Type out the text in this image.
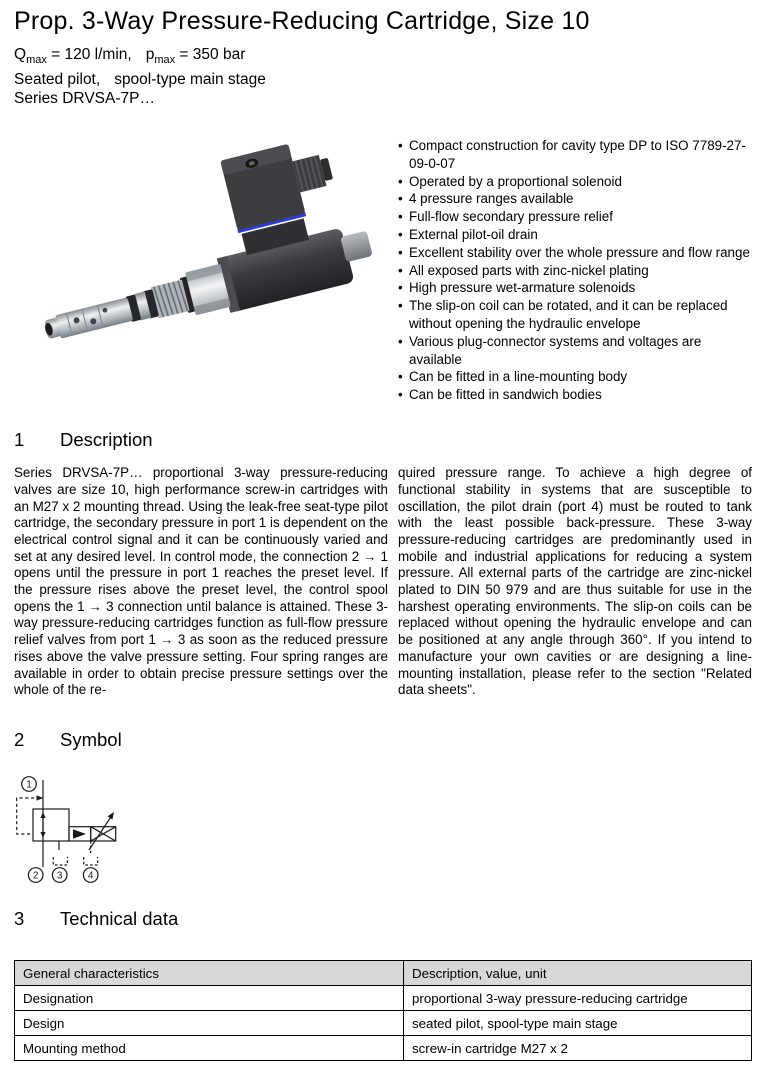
Prop. 3-Way Pressure-Reducing Cartridge, Size 10
$Q_{max} = 120$ l/min, $p_{max} = 350$ bar
Seated pilot, spool-type main stage
Series DRVSA-7P…
• Compact construction for cavity type DP to ISO 7789-27-09-0-07
• Operated by a proportional solenoid
• 4 pressure ranges available
• Full-flow secondary pressure relief
• External pilot-oil drain
• Excellent stability over the whole pressure and flow range
• All exposed parts with zinc-nickel plating
• High pressure wet-armature solenoids
• The slip-on coil can be rotated, and it can be replaced without opening the hydraulic envelope
• Various plug-connector systems and voltages are available
• Can be fitted in a line-mounting body
• Can be fitted in sandwich bodies
1 Description
Series DRVSA-7P… proportional 3-way pressure-reducing valves are size 10, high performance screw-in cartridges with an M27 x 2 mounting thread. Using the leak-free seat-type pilot cartridge, the secondary pressure in port 1 is dependent on the electrical control signal and it can be continuously varied and set at any desired level. In control mode, the connection 2 → 1 opens until the pressure in port 1 reaches the preset level. If the pressure rises above the preset level, the control spool opens the 1 → 3 connection until balance is attained. These 3-way pressure-reducing cartridges function as full-flow pressure relief valves from port 1 → 3 as soon as the reduced pressure rises above the valve pressure setting. Four spring ranges are available in order to obtain precise pressure settings over the whole of the re-
quired pressure range. To achieve a high degree of functional stability in systems that are susceptible to oscillation, the pilot drain (port 4) must be routed to tank with the least possible back-pressure. These 3-way pressure-reducing cartridges are predominantly used in mobile and industrial applications for reducing a system pressure. All external parts of the cartridge are zinc-nickel plated to DIN 50 979 and are thus suitable for use in the harshest operating environments. The slip-on coils can be replaced without opening the hydraulic envelope and can be positioned at any angle through 360°. If you intend to manufacture your own cavities or are designing a line-mounting installation, please refer to the section "Related data sheets".
2 Symbol
1
2 3	4
3 Technical data
General characteristics	Description, value, unit
Designation	proportional 3-way pressure-reducing cartridge
Design	seated pilot, spool-type main stage
Mounting method	screw-in cartridge M27 x 2
